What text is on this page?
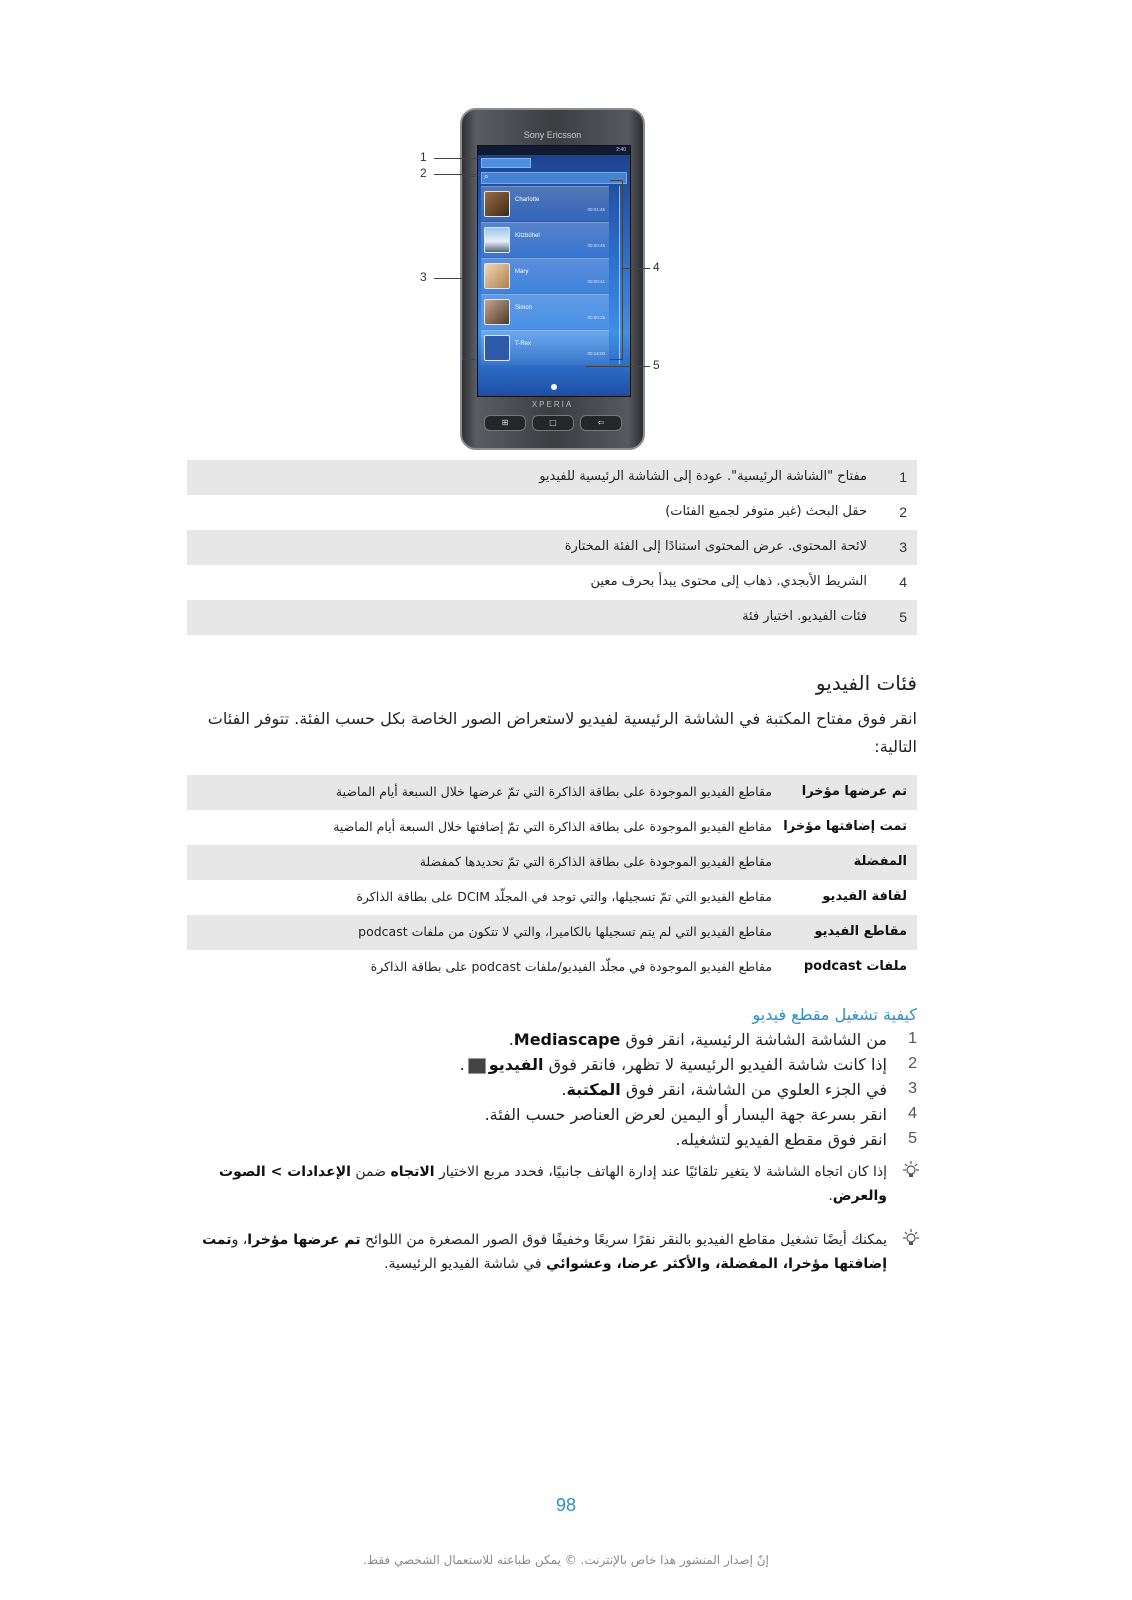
Sony Ericsson
2:40
⌕
Charlotte
00:01:45
Kitzbühel
00:00:45
Mary
00:00:41
Simon
00:00:15
T-Rex
00:14:00
XPERIA
⊞	□	⇦
1
2
3
4
5
1
مفتاح "الشاشة الرئيسية". عودة إلى الشاشة الرئيسية للفيديو
2
حقل البحث (غير متوفر لجميع الفئات)
3
لائحة المحتوى. عرض المحتوى استنادًا إلى الفئة المختارة
4
الشريط الأبجدي. ذهاب إلى محتوى يبدأ بحرف معين
5
فئات الفيديو. اختيار فئة
فئات الفيديو
انقر فوق مفتاح المكتبة في الشاشة الرئيسية لفيديو لاستعراض الصور الخاصة بكل حسب الفئة. تتوفر الفئات التالية:
تم عرضها مؤخرا
مقاطع الفيديو الموجودة على بطاقة الذاكرة التي تمّ عرضها خلال السبعة أيام الماضية
تمت إضافتها مؤخرا
مقاطع الفيديو الموجودة على بطاقة الذاكرة التي تمّ إضافتها خلال السبعة أيام الماضية
المفضلة
مقاطع الفيديو الموجودة على بطاقة الذاكرة التي تمّ تحديدها كمفضلة
لقافة الفيديو
مقاطع الفيديو التي تمّ تسجيلها، والتي توجد في المجلّد DCIM على بطاقة الذاكرة
مقاطع الفيديو
مقاطع الفيديو التي لم يتم تسجيلها بالكاميرا، والتي لا تتكون من ملفات podcast
ملفات podcast
مقاطع الفيديو الموجودة في مجلّد الفيديو/ملفات podcast على بطاقة الذاكرة
كيفية تشغيل مقطع فيديو
1
من الشاشة الشاشة الرئيسية، انقر فوق Mediascape.
2
إذا كانت شاشة الفيديو الرئيسية لا تظهر، فانقر فوق الفيديو.
3
في الجزء العلوي من الشاشة، انقر فوق المكتبة.
4
انقر بسرعة جهة اليسار أو اليمين لعرض العناصر حسب الفئة.
5
انقر فوق مقطع الفيديو لتشغيله.
إذا كان اتجاه الشاشة لا يتغير تلقائيًا عند إدارة الهاتف جانبيًا، فحدد مربع الاختيار الاتجاه ضمن الإعدادات > الصوت والعرض.
يمكنك أيضًا تشغيل مقاطع الفيديو بالنقر نقرًا سريعًا وخفيفًا فوق الصور المصغرة من اللوائح تم عرضها مؤخرا، وتمت إضافتها مؤخرا، المفضلة، والأكثر عرضا، وعشوائي في شاشة الفيديو الرئيسية.
98
إنّ إصدار المنشور هذا خاص بالإنترنت. © يمكن طباعته للاستعمال الشخصي فقط.
